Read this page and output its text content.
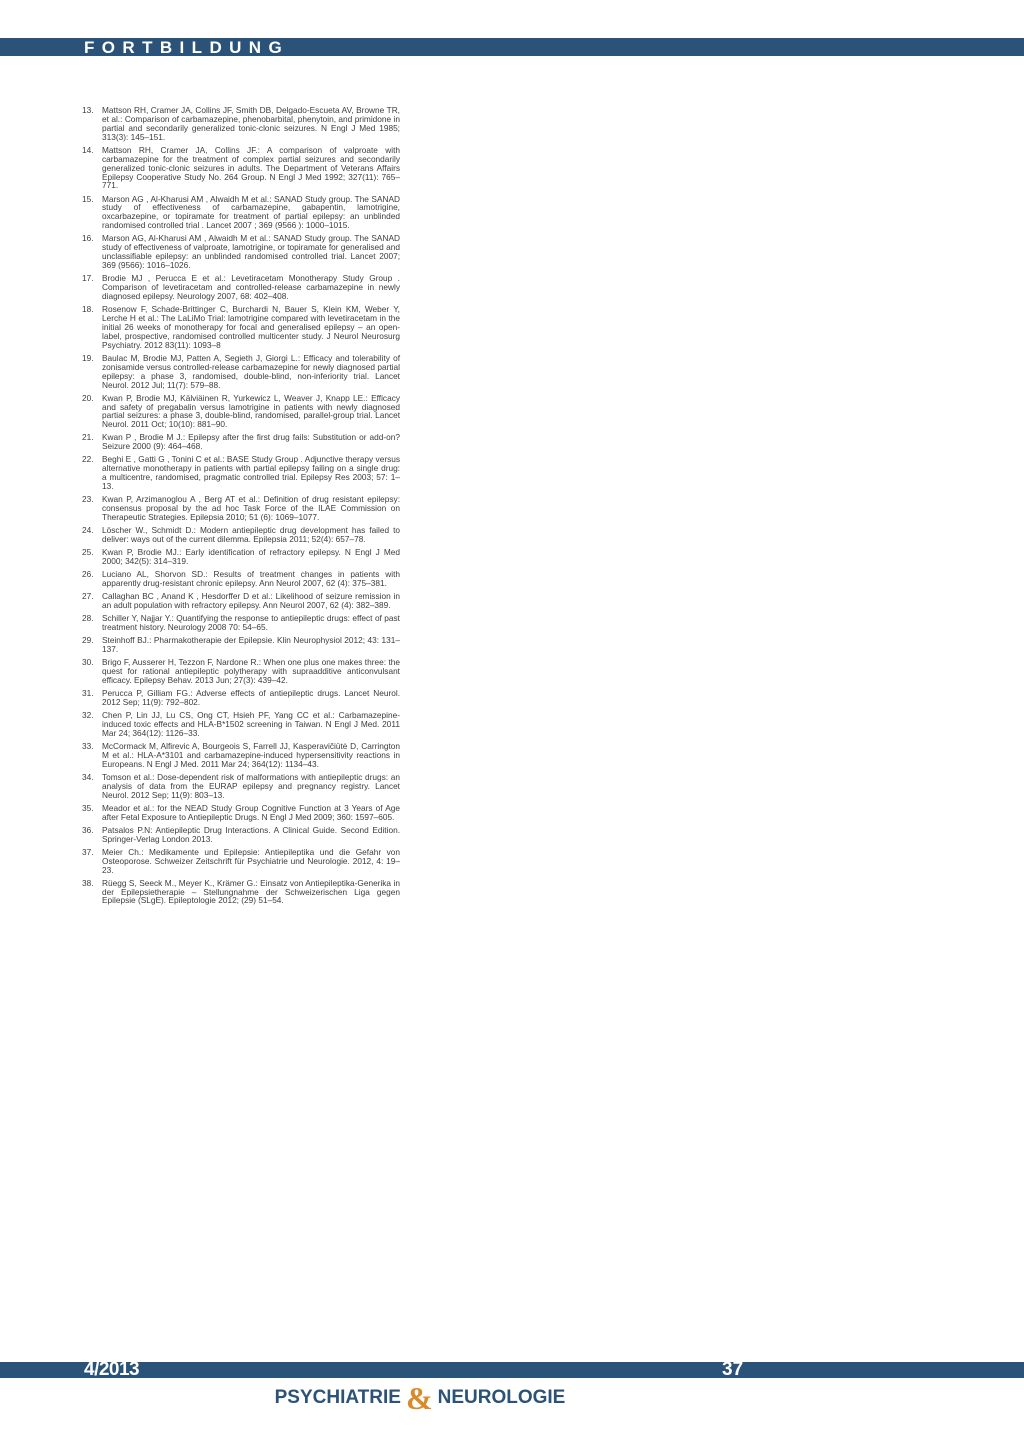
FORTBILDUNG
13.	Mattson RH, Cramer JA, Collins JF, Smith DB, Delgado-Escueta AV, Browne TR, et al.: Comparison of carbamazepine, phenobarbital, phenytoin, and primidone in partial and secondarily generalized tonic-clonic seizures. N Engl J Med 1985; 313(3): 145–151.
14.	Mattson RH, Cramer JA, Collins JF.: A comparison of valproate with carbamazepine for the treatment of complex partial seizures and secondarily generalized tonic-clonic seizures in adults. The Department of Veterans Affairs Epilepsy Cooperative Study No. 264 Group. N Engl J Med 1992; 327(11): 765–771.
15.	Marson AG , Al-Kharusi AM , Alwaidh M et al.: SANAD Study group. The SANAD study of effectiveness of carbamazepine, gabapentin, lamotrigine, oxcarbazepine, or topiramate for treatment of partial epilepsy: an unblinded randomised controlled trial . Lancet 2007 ; 369 (9566 ): 1000–1015.
16.	Marson AG, Al-Kharusi AM , Alwaidh M et al.: SANAD Study group. The SANAD study of effectiveness of valproate, lamotrigine, or topiramate for generalised and unclassifiable epilepsy: an unblinded randomised controlled trial. Lancet 2007; 369 (9566): 1016–1026.
17.	Brodie MJ , Perucca E et al.: Levetiracetam Monotherapy Study Group . Comparison of levetiracetam and controlled-release carbamazepine in newly diagnosed epilepsy. Neurology 2007, 68: 402–408.
18.	Rosenow F, Schade-Brittinger C, Burchardi N, Bauer S, Klein KM, Weber Y, Lerche H et al.: The LaLiMo Trial: lamotrigine compared with levetiracetam in the initial 26 weeks of monotherapy for focal and generalised epilepsy – an open-label, prospective, randomised controlled multicenter study. J Neurol Neurosurg Psychiatry. 2012 83(11): 1093–8
19.	Baulac M, Brodie MJ, Patten A, Segieth J, Giorgi L.: Efficacy and tolerability of zonisamide versus controlled-release carbamazepine for newly diagnosed partial epilepsy: a phase 3, randomised, double-blind, non-inferiority trial. Lancet Neurol. 2012 Jul; 11(7): 579–88.
20.	Kwan P, Brodie MJ, Kälviäinen R, Yurkewicz L, Weaver J, Knapp LE.: Efficacy and safety of pregabalin versus lamotrigine in patients with newly diagnosed partial seizures: a phase 3, double-blind, randomised, parallel-group trial. Lancet Neurol. 2011 Oct; 10(10): 881–90.
21.	Kwan P , Brodie M J.: Epilepsy after the first drug fails: Substitution or add-on? Seizure 2000 (9): 464–468.
22.	Beghi E , Gatti G , Tonini C et al.: BASE Study Group . Adjunctive therapy versus alternative monotherapy in patients with partial epilepsy failing on a single drug: a multicentre, randomised, pragmatic controlled trial. Epilepsy Res 2003; 57: 1–13.
23.	Kwan P, Arzimanoglou A , Berg AT et al.: Definition of drug resistant epilepsy: consensus proposal by the ad hoc Task Force of the ILAE Commission on Therapeutic Strategies. Epilepsia 2010; 51 (6): 1069–1077.
24.	Löscher W., Schmidt D.: Modern antiepileptic drug development has failed to deliver: ways out of the current dilemma. Epilepsia 2011; 52(4): 657–78.
25.	Kwan P, Brodie MJ.: Early identification of refractory epilepsy. N Engl J Med 2000; 342(5): 314–319.
26.	Luciano AL, Shorvon SD.: Results of treatment changes in patients with apparently drug-resistant chronic epilepsy. Ann Neurol 2007, 62 (4): 375–381.
27.	Callaghan BC , Anand K , Hesdorffer D et al.: Likelihood of seizure remission in an adult population with refractory epilepsy. Ann Neurol 2007, 62 (4): 382–389.
28.	Schiller Y, Najjar Y.: Quantifying the response to antiepileptic drugs: effect of past treatment history. Neurology 2008 70: 54–65.
29.	Steinhoff BJ.: Pharmakotherapie der Epilepsie. Klin Neurophysiol 2012; 43: 131–137.
30.	Brigo F, Ausserer H, Tezzon F, Nardone R.: When one plus one makes three: the quest for rational antiepileptic polytherapy with supraadditive anticonvulsant efficacy. Epilepsy Behav. 2013 Jun; 27(3): 439–42.
31.	Perucca P, Gilliam FG.: Adverse effects of antiepileptic drugs. Lancet Neurol. 2012 Sep; 11(9): 792–802.
32.	Chen P, Lin JJ, Lu CS, Ong CT, Hsieh PF, Yang CC et al.: Carbamazepine-induced toxic effects and HLA-B*1502 screening in Taiwan. N Engl J Med. 2011 Mar 24; 364(12): 1126–33.
33.	McCormack M, Alfirevic A, Bourgeois S, Farrell JJ, Kasperavičiūtė D, Carrington M et al.: HLA-A*3101 and carbamazepine-induced hypersensitivity reactions in Europeans. N Engl J Med. 2011 Mar 24; 364(12): 1134–43.
34.	Tomson et al.: Dose-dependent risk of malformations with antiepileptic drugs: an analysis of data from the EURAP epilepsy and pregnancy registry. Lancet Neurol. 2012 Sep; 11(9): 803–13.
35.	Meador et al.: for the NEAD Study Group Cognitive Function at 3 Years of Age after Fetal Exposure to Antiepileptic Drugs. N Engl J Med 2009; 360: 1597–605.
36.	Patsalos P.N: Antiepileptic Drug Interactions. A Clinical Guide. Second Edition. Springer-Verlag London 2013.
37.	Meier Ch.: Medikamente und Epilepsie: Antiepileptika und die Gefahr von Osteoporose. Schweizer Zeitschrift für Psychiatrie und Neurologie. 2012, 4: 19–23.
38.	Rüegg S, Seeck M., Meyer K., Krämer G.: Einsatz von Antiepileptika-Generika in der Epilepsietherapie – Stellungnahme der Schweizerischen Liga gegen Epilepsie (SLgE). Epileptologie 2012; (29) 51–54.
4/2013	37
PSYCHIATRIE & NEUROLOGIE
